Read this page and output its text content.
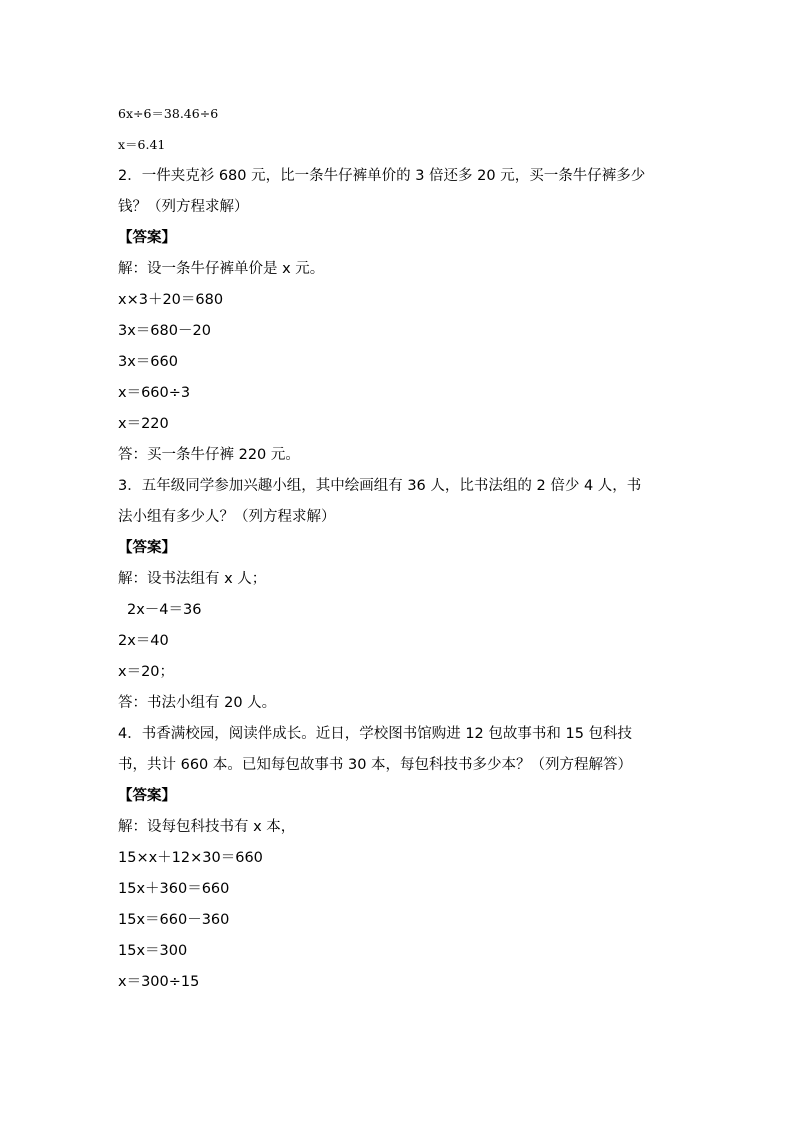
6x÷6＝38.46÷6
x＝6.41
2．一件夹克衫 680 元，比一条牛仔裤单价的 3 倍还多 20 元，买一条牛仔裤多少
钱？（列方程求解）
【答案】
解：设一条牛仔裤单价是 x 元。
x×3＋20＝680
3x＝680－20
3x＝660
x＝660÷3
x＝220
答：买一条牛仔裤 220 元。
3．五年级同学参加兴趣小组，其中绘画组有 36 人，比书法组的 2 倍少 4 人，书
法小组有多少人？（列方程求解）
【答案】
解：设书法组有 x 人；
2x－4＝36
2x＝40
x＝20；
答：书法小组有 20 人。
4．书香满校园，阅读伴成长。近日，学校图书馆购进 12 包故事书和 15 包科技
书，共计 660 本。已知每包故事书 30 本，每包科技书多少本？（列方程解答）
【答案】
解：设每包科技书有 x 本，
15×x＋12×30＝660
15x＋360＝660
15x＝660－360
15x＝300
x＝300÷15
